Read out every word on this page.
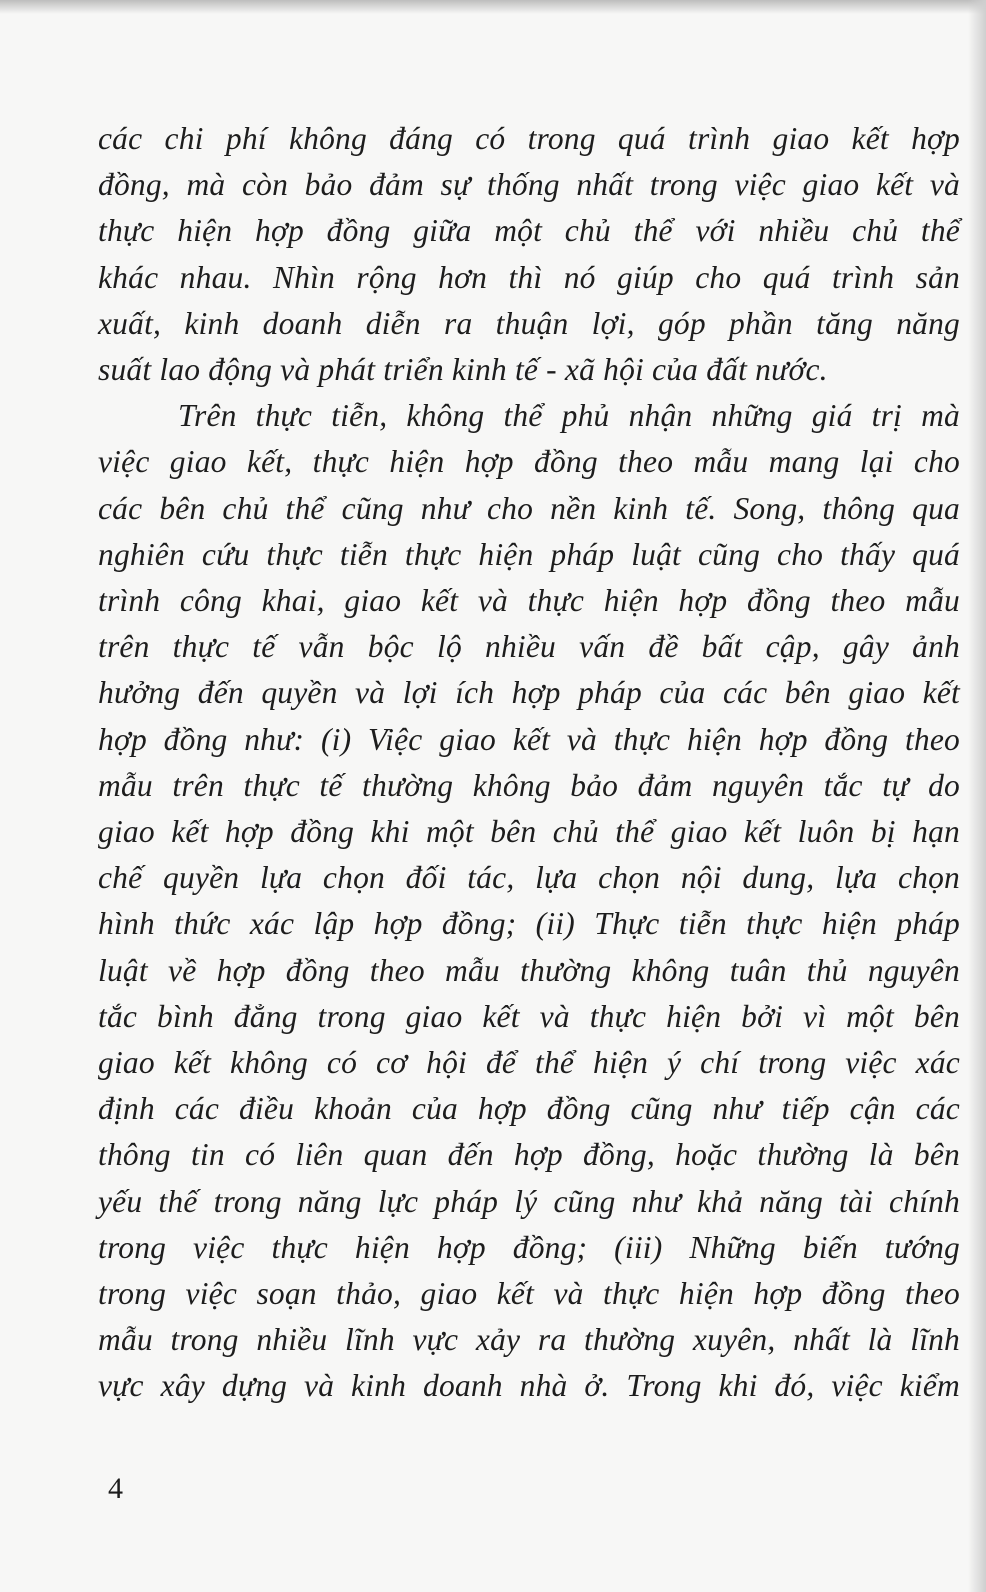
các chi phí không đáng có trong quá trình giao kết hợp
đồng, mà còn bảo đảm sự thống nhất trong việc giao kết và
thực hiện hợp đồng giữa một chủ thể với nhiều chủ thể
khác nhau. Nhìn rộng hơn thì nó giúp cho quá trình sản
xuất, kinh doanh diễn ra thuận lợi, góp phần tăng năng
suất lao động và phát triển kinh tế - xã hội của đất nước.
Trên thực tiễn, không thể phủ nhận những giá trị mà
việc giao kết, thực hiện hợp đồng theo mẫu mang lại cho
các bên chủ thể cũng như cho nền kinh tế. Song, thông qua
nghiên cứu thực tiễn thực hiện pháp luật cũng cho thấy quá
trình công khai, giao kết và thực hiện hợp đồng theo mẫu
trên thực tế vẫn bộc lộ nhiều vấn đề bất cập, gây ảnh
hưởng đến quyền và lợi ích hợp pháp của các bên giao kết
hợp đồng như: (i) Việc giao kết và thực hiện hợp đồng theo
mẫu trên thực tế thường không bảo đảm nguyên tắc tự do
giao kết hợp đồng khi một bên chủ thể giao kết luôn bị hạn
chế quyền lựa chọn đối tác, lựa chọn nội dung, lựa chọn
hình thức xác lập hợp đồng; (ii) Thực tiễn thực hiện pháp
luật về hợp đồng theo mẫu thường không tuân thủ nguyên
tắc bình đẳng trong giao kết và thực hiện bởi vì một bên
giao kết không có cơ hội để thể hiện ý chí trong việc xác
định các điều khoản của hợp đồng cũng như tiếp cận các
thông tin có liên quan đến hợp đồng, hoặc thường là bên
yếu thế trong năng lực pháp lý cũng như khả năng tài chính
trong việc thực hiện hợp đồng; (iii) Những biến tướng
trong việc soạn thảo, giao kết và thực hiện hợp đồng theo
mẫu trong nhiều lĩnh vực xảy ra thường xuyên, nhất là lĩnh
vực xây dựng và kinh doanh nhà ở. Trong khi đó, việc kiểm
4
